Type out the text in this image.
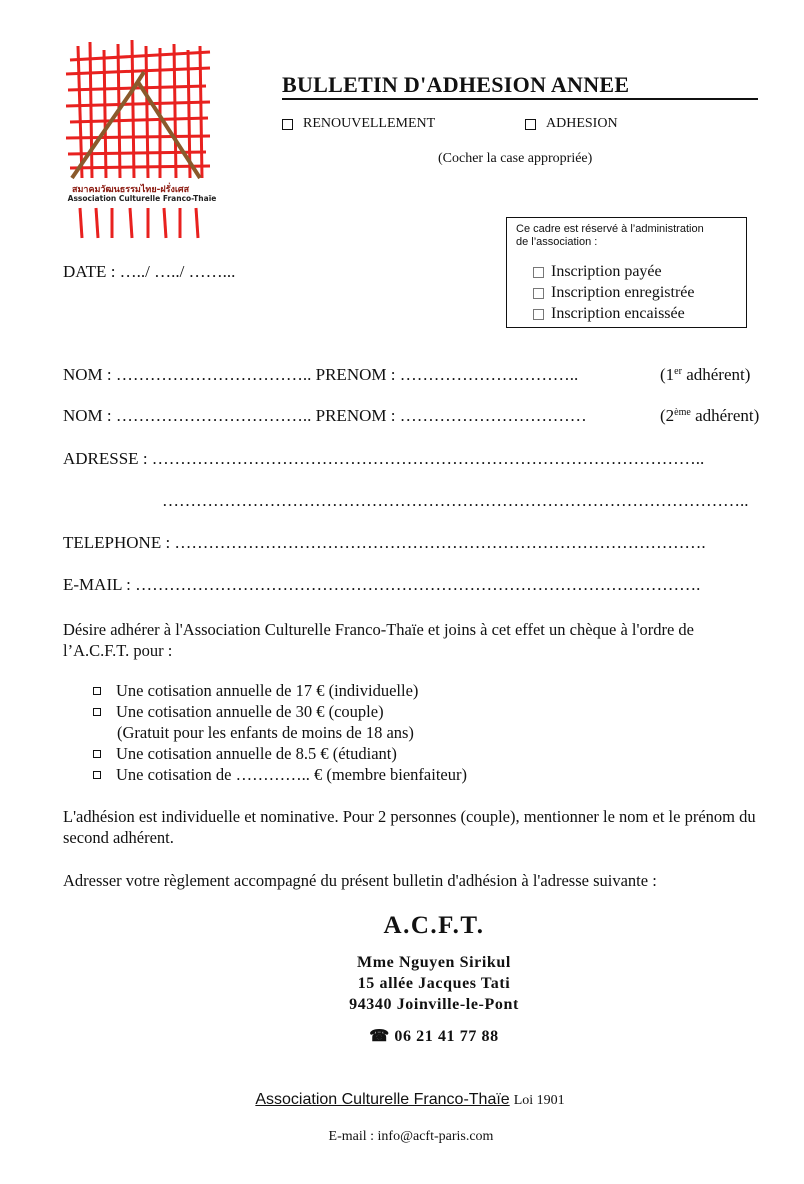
สมาคมวัฒนธรรมไทย-ฝรั่งเศส
Association Culturelle Franco-Thaïe
BULLETIN D'ADHESION ANNEE
RENOUVELLEMENT	ADHESION
(Cocher la case appropriée)
Ce cadre est réservé à l’administration
de l’association :
Inscription payée
Inscription enregistrée
Inscription encaissée
DATE : …../ …../ ……...
NOM : …………………………….. PRENOM : …………………………..	(1er adhérent)
NOM : …………………………….. PRENOM : ……………………………	(2ème adhérent)
ADRESSE : ……………………………………………………………………………………..
…………………………………………………………………………………………..
TELEPHONE : ………………………………………………………………………………….
E-MAIL : ……………………………………………………………………………………….
Désire adhérer à l'Association Culturelle Franco-Thaïe et joins à cet effet un chèque à l'ordre de l’A.C.F.T. pour :
Une cotisation annuelle de 17 € (individuelle)
Une cotisation annuelle de 30 € (couple)
(Gratuit pour les enfants de moins de 18 ans)
Une cotisation annuelle de 8.5 € (étudiant)
Une cotisation de ………….. € (membre bienfaiteur)
L'adhésion est individuelle et nominative. Pour 2 personnes (couple), mentionner le nom et le prénom du second adhérent.
Adresser votre règlement accompagné du présent bulletin d'adhésion à l'adresse suivante :
A.C.F.T.
Mme Nguyen Sirikul
15 allée Jacques Tati
94340 Joinville-le-Pont
☎ 06 21 41 77 88
Association Culturelle Franco-Thaïe Loi 1901
E-mail : info@acft-paris.com
